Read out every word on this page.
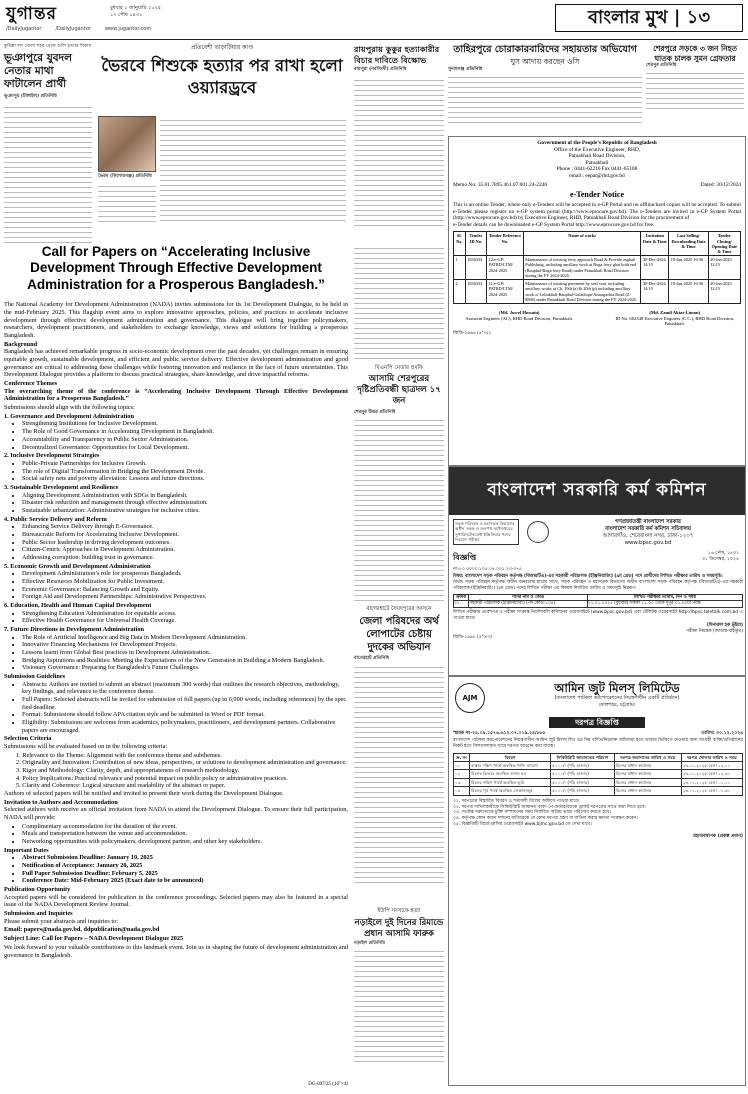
যুগান্তর	বুধবার ১ জানুয়ারি ২০২৫
১৭ পৌষ ১৪৩১
/DailyJugantor	/DailyJugantor	www.jugantor.com
বাংলার মুখ | ১৩
কুমিল্লা দল জেলা শহর থেকে গুলি হত্যার শিকার
ভূঞাপুরে যুবদল নেতার মাথা ফাটালেন প্রার্থী
ভূঞাপুর (টাঙ্গাইল) প্রতিনিধি
প্রতিবেশী ভাড়াটিয়ার কাণ্ড
ভৈরবে শিশুকে হত্যার পর রাখা হলো ওয়্যারড্রবে
ভৈরব (কিশোরগঞ্জ) প্রতিনিধি
Call for Papers on “Accelerating Inclusive Development Through Effective Development Administration for a Prosperous Bangladesh.”

The National Academy for Development Administration (NADA) invites submissions for its 1st Development Dialogue, to be held in the mid-February 2025. This flagship event aims to explore innovative approaches, policies, and practices to accelerate inclusive development through effective development administration and governance. This dialogue will bring together policymakers, researchers, development practitioners, and stakeholders to exchange knowledge, views and solutions for building a prosperous Bangladesh.

Background

Bangladesh has achieved remarkable progress in socio-economic development over the past decades, yet challenges remain in ensuring equitable growth, sustainable development, and efficient and public service delivery. Effective development administration and good governance are critical to addressing these challenges while fostering innovation and resilience in the face of future uncertainties. This Development Dialogue provides a platform to discuss practical strategies, share knowledge, and drive impactful reforms.

Conference Themes

The overarching theme of the conference is “Accelerating Inclusive Development Through Effective Development Administration for a Prosperous Bangladesh.”

Submissions should align with the following topics:

1. Governance and Development Administration
• Strengthening Institutions for Inclusive Development.
• The Role of Good Governance in Accelerating Development in Bangladesh.
• Accountability and Transparency in Public Sector Administration.
• Decentralized Governance: Opportunities for Local Development.
2. Inclusive Development Strategies
• Public-Private Partnerships for Inclusive Growth.
• The role of Digital Transformation in Bridging the Development Divide.
• Social safety nets and poverty alleviation: Lessons and future directions.
3. Sustainable Development and Resilience
• Aligning Development Administration with SDGs in Bangladesh.
• Disaster risk reduction and management through effective administration.
• Sustainable urbanization: Administrative strategies for inclusive cities.
4. Public Service Delivery and Reform
• Enhancing Service Delivery through E-Governance.
• Bureaucratic Reform for Accelerating Inclusive Development.
• Public Sector leadership in driving development outcomes.
• Citizen-Centric Approaches in Development Administration.
• Addressing corruption: building trust in governance.
5. Economic Growth and Development Administration
• Development Administration’s role for prosperous Bangladesh.
• Effective Resources Mobilization for Public Investment.
• Economic Governance: Balancing Growth and Equity.
• Foreign Aid and Development Partnerships: Administrative Perspectives.
6. Education, Health and Human Capital Development
• Strengthening Education Administration for equitable access.
• Effective Health Governance for Universal Health Coverage.
7. Future Directions in Development Administration
• The Role of Artificial Intelligence and Big Data in Modern Development Administration.
• Innovative Financing Mechanisms for Development Projects.
• Lessons learnt from Global Best practices in Development Administration.
• Bridging Aspirations and Realities: Meeting the Expectations of the New Generation in Building a Modern Bangladesh.
• Visionary Governance: Preparing for Bangladesh’s Future Challenges.
Submission Guidelines
• Abstracts: Authors are invited to submit an abstract (maximum 300 words) that outlines the research objectives, methodology, key findings, and relevance to the conference theme.
• Full Papers: Selected abstracts will be invited for submission of full papers (up to 6,000 words, including references) by the spec fied deadline.
• Format: Submissions should follow APA citation style and be submitted in Word or PDF format.
• Eligibility: Submissions are welcome from academics, policymakers, practitioners, and development partners. Collaborative papers are encouraged.
Selection Criteria

Submissions will be evaluated based on in the following criteria:

1. Relevance to the Theme: Alignment with the conference theme and subthemes.
2. Originality and Innovation: Contribution of new ideas, perspectives, or solutions to development administration and governance.
3. Rigor and Methodology: Clarity, depth, and appropriateness of research methodology.
4. Policy Implications: Practical relevance and potential impact on public policy or administrative practices.
5. Clarity and Coherence: Logical structure and readability of the abstract or paper.

Authors of selected papers will be notified and invited to present their work during the Development Dialogue.

Invitation to Authors and Accommodation

Selected authors with receive an official invitation from NADA to attend the Development Dialogue. To ensure their full participation, NADA will provide:

• Complimentary accommodation for the duration of the event.
• Meals and transportation between the venue and accommodation.
• Networking opportunities with policymakers, development partner, and other key stakeholders.
Important Dates
• Abstract Submission Deadline: January 10, 2025
• Notification of Acceptance: January 20, 2025
• Full Paper Submission Deadline: February 5, 2025
• Conference Date: Mid-February 2025 (Exact date to be announced)
Publication Opportunity

Accepted papers will be considered for publication in the conference proceedings. Selected papers may also be featured in a special issue of the NADA Development Review Journal.

Submission and Inquiries

Please submit your abstracts and inquiries to:

Email: papers@nada.gov.bd, ddpublication@nada.gov.bd

Subject Line: Call for Papers – NADA Development Dialogue 2025

We look forward to your valuable contributions to this landmark event. Join us in shaping the future of development administration and governance in Bangladesh.

DG-007/25 (16"×4)
রায়পুরায় কুকুর হত্যাকারীর বিচার দাবিতে বিক্ষোভ
রায়পুরা (নরসিংদী) প্রতিনিধি
বিএনপি নেতার হুমকি
আসামি শেরপুরের দৃষ্টিপ্রতিবন্ধী ছাত্রদল ১৭ জন
শেরপুর উত্তর প্রতিনিধি
বাগেরহাটে সৈয়দপুরের আসনে
জেলা পরিষদের অর্থ লোপাটের চেষ্টায় দুদকের অভিযান
বাগেরহাট প্রতিনিধি
ইউপি সদস্যকে হত্যা
নড়াইলে দুই দিনের রিমান্ডে প্রধান আসামি ফারুক
নড়াইল প্রতিনিধি
তাহিরপুরে চোরাকারবারিদের সহায়তার অভিযোগ
ঘুস আদায় করছেন ওসি
সুনামগঞ্জ প্রতিনিধি
শেরপুরে সড়কে ৩ জন নিহত ঘাতক চালক সুমন গ্রেফতার
শেরপুর প্রতিনিধি
Government of the People’s Republic of Bangladesh
Office of the Executive Engineer, RHD,
Patuakhali Road Division,
Patuakhali
Phone : 0441-62216 Fax 0441-65108
email : eepat@rhd.gov.bd
Memo No: 35.01.7895.461.07.001.24-2246	Dated: 30/12/2024
e-Tender Notice

This is an online Tender, where only e-Tenders will be accepted in e-GP Portal and no offline/hard copies will be accepted. To submit e-Tender please register on e-GP system portal (http://www.eprocure.gov.bd). The e-Tenders are invited in e-GP System Portal (http://www.eprocure.gov.bd) by Executive Engineer, RHD, Patuakhali Road Division for the procurement of

e-Tender details can be downloaded e-GP System Portal http://www.eprocure.gov.bd for free.

Sl. No.	Tender ID No.	Tender Reference No.	Name of works	Invitation Date & Time	Last Selling/ Downloading Date & Time	Tender Closing/ Opening Date & Time
1	1056334	12/e-GP/ PATRD/LTM/ 2024-2025	Maintenance of existing ferry approach Road & Provide asphalt Publishing, including ancillary work at Boga ferry ghat both end (Bauphal-Boga ferry Road) under Patuakhali Road Division during the FY 2024-2025.	30-Dec-2024 14:10	19-Jan-2025 16:30	20-Jan-2025 12:15
2	1056333	11/e-GP/ PATRD/LTM/ 2024-2025	Maintenance of existing pavement by seal coat, including ancillary works at Ch. 19th (a) & 20th (p) including ancillary work of Lebukhali-Bauphal-Galachipa-Amragachia Road (Z-8806) under Patuakhali Road Division during the FY 2024-2025.	30-Dec-2024 14:10	19-Jan-2025 16:30	20-Jan-2025 12:15
(Md. Juwel Hossain)
Assistant Engineer (AC), RHD Road Division, Patuakhali.
(Md. Zamil Aktar Limon)
ID No. 602348 Executive Engineer (C.C.), RHD Road Division, Patuakhali.
জিডি-২৬৯৫ (৫"×৫)
বাংলাদেশ সরকারি কর্ম কমিশন
সড়ক পরিবহন ও মহাসড়ক বিভাগের অধীন সড়ক ও জনপথ অধিদপ্তরের সুপারিনটেনডেন্ট ইঞ্জিনিয়ার পদের নিয়োগ পরীক্ষা
গণপ্রজাতন্ত্রী বাংলাদেশ সরকার
বাংলাদেশ সরকারি কর্ম কমিশন সচিবালয়
আগারগাঁও, শেরেবাংলা নগর, ঢাকা-১২০৭
www.bpsc.gov.bd
বিজ্ঞপ্তি	১৬ পৌষ, ১৪৩১
৩১ ডিসেম্বর, ২০২৪
নং-৮০.০০০০.১০৫.০৫.০০১.২৩-৩৭৫
বিষয়: বাংলাদেশ সড়ক পরিবহন কর্তৃপক্ষ (বিআরটিএ)-এর সহকারী পরিচালক (ইঞ্জিনিয়ারিং) (৯ম গ্রেড) পদে প্রার্থীদের লিখিত পরীক্ষার তারিখ ও সময়সূচি।
অর্থাৎ সড়ক পরিবহন কর্তৃপক্ষ অধীন জনবলের হারের সাথে, সড়ক পরিবহন ও মহাসড়ক বিভাগের অধীন বাংলাদেশ সড়ক পরিবহন কর্তৃপক্ষ (বিআরটিএ)-এর সহকারী পরিচালক (ইঞ্জিনিয়ারিং) (৯ম গ্রেড) পদের লিখিত পরীক্ষা এর বিষয়ক নির্ধারিত তারিখ ও সময়সূচি নিম্নরূপ:
ক্রমিক	পদের নাম ও কোড	লিখিত পরীক্ষার তারিখ, দিন ও সময়
০১.	সহকারী পরিচালক (ইঞ্জিনিয়ারিং) (পদ কোড-১০৪)	২২.০১.২০২৫ (বুধবার) সকাল ১১.০০ থেকে দুপুর ০১.০০টা পর্যন্ত
লিখিত পরীক্ষার প্রবেশপত্র ও পরীক্ষা সংক্রান্ত নির্দেশাবলি কমিশনের ওয়েবসাইটে (www.bpsc.gov.bd) এবং টেলিটক ওয়েবসাইট http://bpsc.teletalk.com.bd এ পাওয়া যাবে।
(মিনারুল হক ভূঁইয়া)
পরীক্ষা নিয়ন্ত্রক (ক্যাডার-বহির্ভূত)
জিডি-২৬৯৮ (৫"×৩)
AJM
আমিন জুট মিলস্ লিমিটেড
(বাংলাদেশ পাটকল করপোরেশনের নিয়ন্ত্রণাধীন একটি প্রতিষ্ঠান)
ষোলশহর, চট্টগ্রাম।
দরপত্র বিজ্ঞপ্তি
স্মারক নং-২৪.০৯.১৫৭৬.৬১২.০৭.০১৯.২৪/৮৮৫	তারিখ: ৩০.১২.২০২৪
বাংলাদেশ পাটকল করপোরেশনের নিয়ন্ত্রণাধীন আমিন জুট মিলস্ লিঃ এর নিম্ন বর্ণিত/নিম্নোক্ত জমিজমা হতে ভাড়ার ভিত্তিতে দেওয়ার জন্য আগ্রহী ব্যক্তি/প্রতিষ্ঠানের নিকট হতে সিলগালাকৃত খামে দরপত্র আহ্বান করা যাচ্ছে।
ক্র. নং	বিবরণ	সিকিউরিটি জামানতের পরিমাণ	দরপত্র জমাদানের তারিখ ও সময়	দরপত্র খোলার তারিখ ও সময়
০১	রাস্তার দক্ষিণ পার্শ্বে অবস্থিত খালি জায়গা	৫০০০/- (পাঁচ হাজার)	মিলের প্রধান কার্যালয়	২৩.০১.২০২৫ বেলা ১২.০০
০২	মিলের ভিতরে অবস্থিত গুদাম ঘর	৫০০০/- (পাঁচ হাজার)	মিলের প্রধান কার্যালয়	২৩.০১.২০২৫ বেলা ১২.৩০
০৩	মিলের দক্ষিণ পার্শ্বে অবস্থিত ভূমি	৫০০০/- (পাঁচ হাজার)	মিলের প্রধান কার্যালয়	২৩.০১.২০২৫ বেলা ০১.০০
০৪	মিলের পূর্ব পার্শ্বে অবস্থিত দোকানসমূহ	৫০০০/- (পাঁচ হাজার)	মিলের প্রধান কার্যালয়	২৩.০১.২০২৫ বেলা ০১.৩০
০১. দরপত্রের বিস্তারিত বিবরণ ও শর্তাবলী মিলের অফিসে পাওয়া যাবে।
০২. দরপত্র দাখিলকারীকে সিকিউরিটি জামানত বাবদ পে-অর্ডার/ব্যাংক ড্রাফট দরপত্রের সাথে জমা দিতে হবে।
০৩. সর্বোচ্চ দরদাতাকে চুক্তি সম্পাদনের সময় নির্ধারিত অগ্রিম ভাড়া পরিশোধ করতে হবে।
০৪. কর্তৃপক্ষ কোন কারণ দর্শানো ব্যতিরেকে যে কোন দরপত্র গ্রহণ বা বাতিল করার ক্ষমতা সংরক্ষণ করেন।
০৫. বিজ্ঞপ্তিটি বিজেএমসির ওয়েবসাইট www.bjmc.gov.bd তে দেখা যাবে।
মহাব্যবস্থাপক (প্রকল্প প্রধান)
